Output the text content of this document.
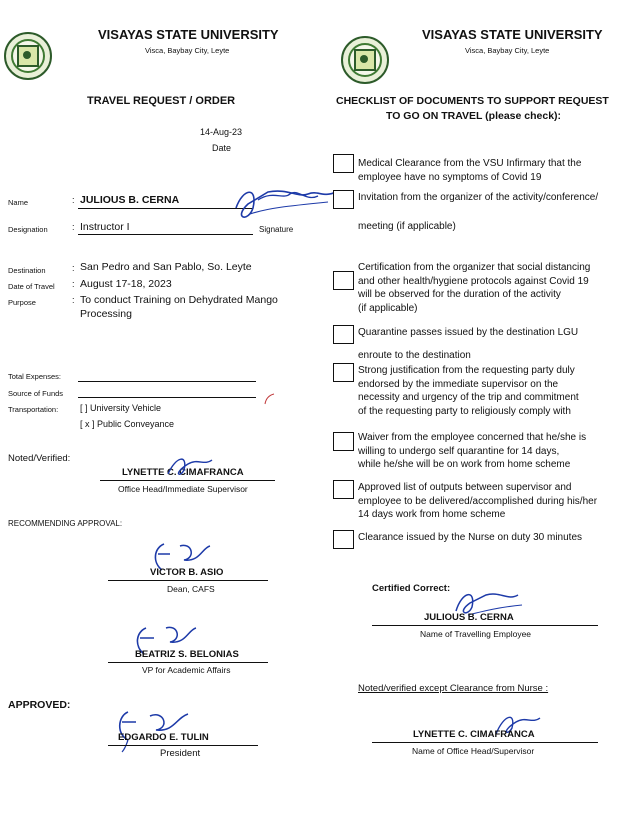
VISAYAS STATE UNIVERSITY
Visca, Baybay City, Leyte
VISAYAS STATE UNIVERSITY
Visca, Baybay City, Leyte
TRAVEL REQUEST / ORDER
14-Aug-23
Date
Name	: JULIOUS B. CERNA
Designation	: Instructor I	Signature
Destination	: San Pedro and San Pablo, So. Leyte
Date of Travel : August 17-18, 2023
Purpose	: To conduct Training on Dehydrated Mango
Processing
Total Expenses:
Source of Funds
Transportation: [ ] University Vehicle
[ x ] Public Conveyance
Noted/Verified:
LYNETTE C. CIMAFRANCA
Office Head/Immediate Supervisor
RECOMMENDING APPROVAL:
VICTOR B. ASIO
Dean, CAFS
BEATRIZ S. BELONIAS
VP for Academic Affairs
APPROVED:
EDGARDO E. TULIN
President
CHECKLIST OF DOCUMENTS TO SUPPORT REQUEST
TO GO ON TRAVEL (please check):
Medical Clearance from the VSU Infirmary that the
employee have no symptoms of Covid 19
Invitation from the organizer of the activity/conference/
meeting (if applicable)
Certification from the organizer that social distancing
and other health/hygiene protocols against Covid 19
will be observed for the duration of the activity
(if applicable)
Quarantine passes issued by the destination LGU
enroute to the destination
Strong justification from the requesting party duly
endorsed by the immediate supervisor on the
necessity and urgency of the trip and commitment
of the requesting party to religiously comply with
Waiver from the employee concerned that he/she is
willing to undergo self quarantine for 14 days,
while he/she will be on work from home scheme
Approved list of outputs between supervisor and
employee to be delivered/accomplished during his/her
14 days work from home scheme
Clearance issued by the Nurse on duty 30 minutes
Certified Correct:
JULIOUS B. CERNA
Name of Travelling Employee
Noted/verified except Clearance from Nurse :
LYNETTE C. CIMAFRANCA
Name of Office Head/Supervisor
